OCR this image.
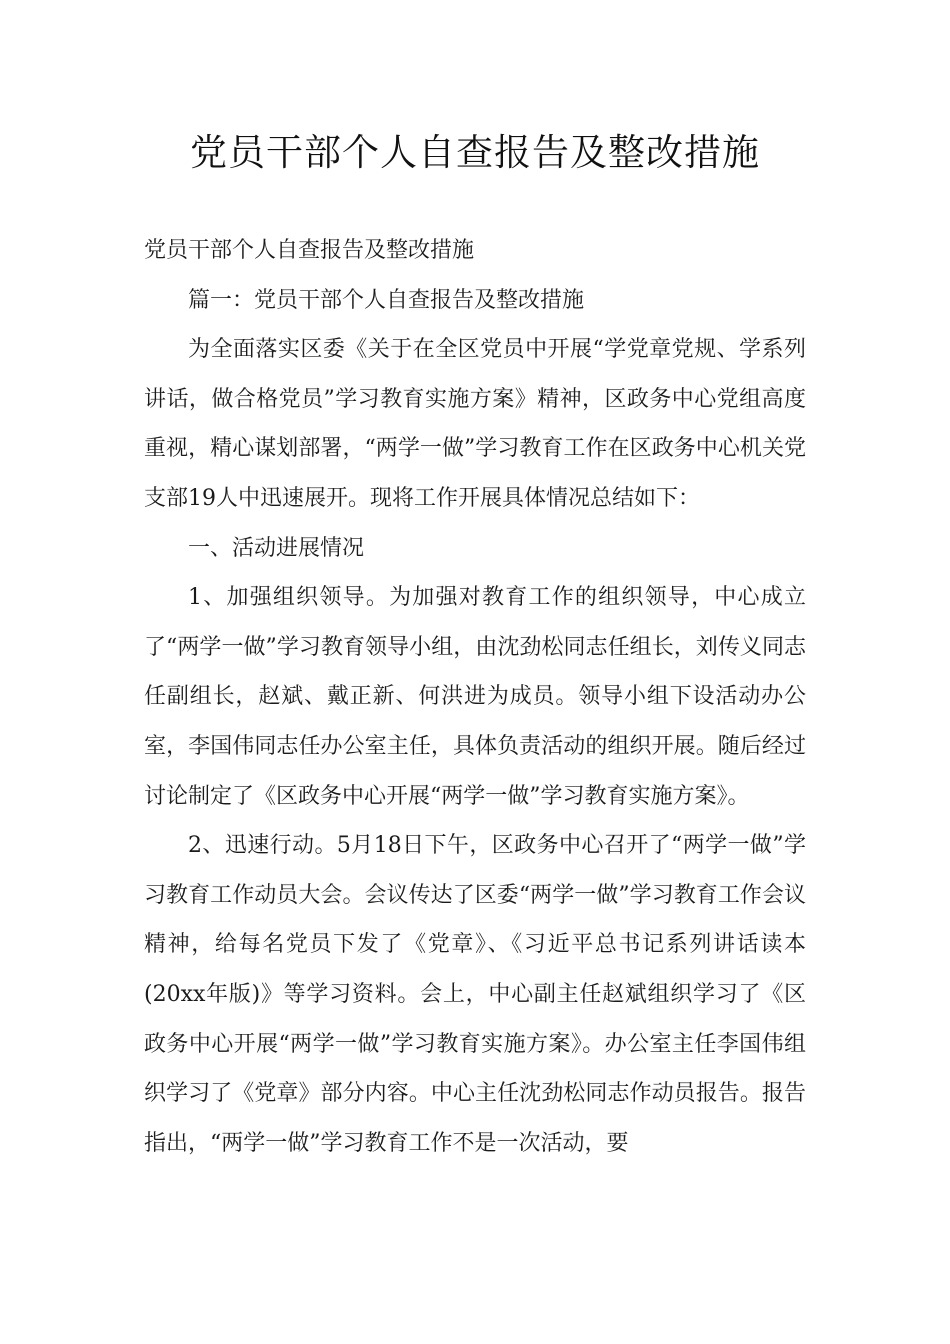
党员干部个人自查报告及整改措施

党员干部个人自查报告及整改措施

篇一：党员干部个人自查报告及整改措施

为全面落实区委《关于在全区党员中开展“学党章党规、学系列讲话，做合格党员”学习教育实施方案》精神，区政务中心党组高度重视，精心谋划部署，“两学一做”学习教育工作在区政务中心机关党支部19人中迅速展开。现将工作开展具体情况总结如下：

一、活动进展情况

1、加强组织领导。为加强对教育工作的组织领导，中心成立了“两学一做”学习教育领导小组，由沈劲松同志任组长，刘传义同志任副组长，赵斌、戴正新、何洪进为成员。领导小组下设活动办公室，李国伟同志任办公室主任，具体负责活动的组织开展。随后经过讨论制定了《区政务中心开展“两学一做”学习教育实施方案》。

2、迅速行动。5月18日下午，区政务中心召开了“两学一做”学习教育工作动员大会。会议传达了区委“两学一做”学习教育工作会议精神，给每名党员下发了《党章》、《习近平总书记系列讲话读本(20xx年版)》等学习资料。会上，中心副主任赵斌组织学习了《区政务中心开展“两学一做”学习教育实施方案》。办公室主任李国伟组织学习了《党章》部分内容。中心主任沈劲松同志作动员报告。报告指出，“两学一做”学习教育工作不是一次活动，要
